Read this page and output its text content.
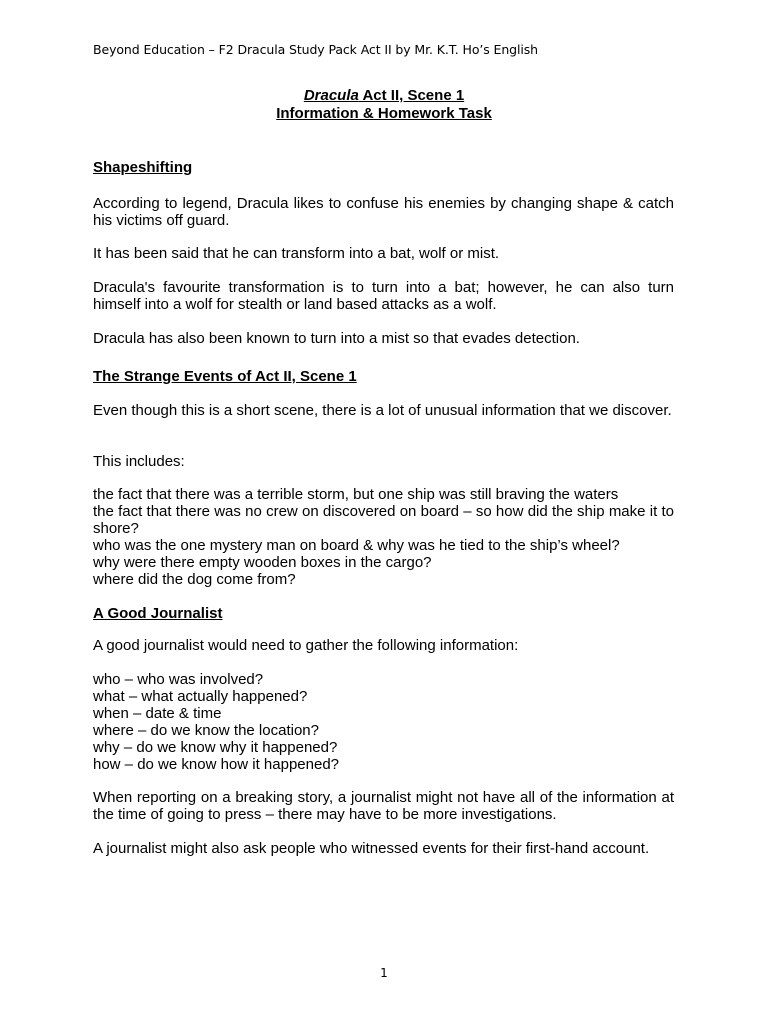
Beyond Education – F2 Dracula Study Pack Act II by Mr. K.T. Ho’s English
Dracula Act II, Scene 1
Information & Homework Task
Shapeshifting
According to legend, Dracula likes to confuse his enemies by changing shape & catch his victims off guard.
It has been said that he can transform into a bat, wolf or mist.
Dracula's favourite transformation is to turn into a bat; however, he can also turn himself into a wolf for stealth or land based attacks as a wolf.
Dracula has also been known to turn into a mist so that evades detection.
The Strange Events of Act II, Scene 1
Even though this is a short scene, there is a lot of unusual information that we discover.
This includes:
the fact that there was a terrible storm, but one ship was still braving the waters
the fact that there was no crew on discovered on board – so how did the ship make it to shore?
who was the one mystery man on board & why was he tied to the ship’s wheel?
why were there empty wooden boxes in the cargo?
where did the dog come from?
A Good Journalist
A good journalist would need to gather the following information:
who – who was involved?
what – what actually happened?
when – date & time
where – do we know the location?
why – do we know why it happened?
how – do we know how it happened?
When reporting on a breaking story, a journalist might not have all of the information at the time of going to press – there may have to be more investigations.
A journalist might also ask people who witnessed events for their first-hand account.
1
